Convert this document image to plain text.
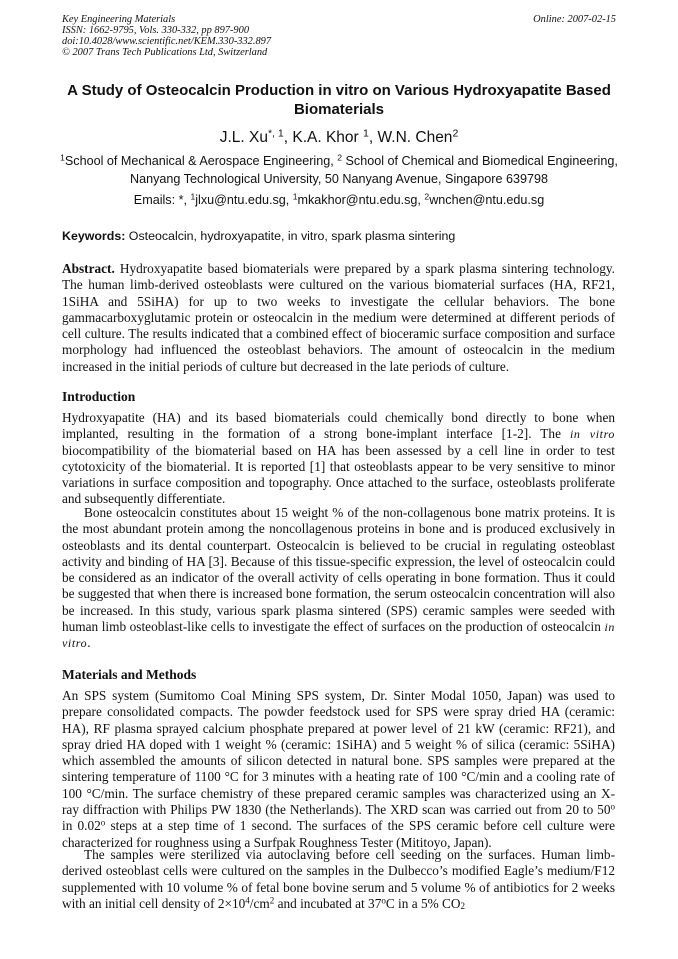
Key Engineering Materials
ISSN: 1662-9795, Vols. 330-332, pp 897-900
doi:10.4028/www.scientific.net/KEM.330-332.897
© 2007 Trans Tech Publications Ltd, Switzerland
Online: 2007-02-15
A Study of Osteocalcin Production in vitro on Various Hydroxyapatite Based Biomaterials
J.L. $Xu^{*, 1}$, K.A. Khor $^1$, W.N. Chen$^2$
$^1$School of Mechanical & Aerospace Engineering, $^2$ School of Chemical and Biomedical Engineering, Nanyang Technological University, 50 Nanyang Avenue, Singapore 639798
Emails: *, $^1$jlxu@ntu.edu.sg, $^1$mkakhor@ntu.edu.sg, $^2$wnchen@ntu.edu.sg
Keywords: Osteocalcin, hydroxyapatite, in vitro, spark plasma sintering
Abstract. Hydroxyapatite based biomaterials were prepared by a spark plasma sintering technology. The human limb-derived osteoblasts were cultured on the various biomaterial surfaces (HA, RF21, 1SiHA and 5SiHA) for up to two weeks to investigate the cellular behaviors. The bone gammacarboxyglutamic protein or osteocalcin in the medium were determined at different periods of cell culture. The results indicated that a combined effect of bioceramic surface composition and surface morphology had influenced the osteoblast behaviors. The amount of osteocalcin in the medium increased in the initial periods of culture but decreased in the late periods of culture.
Introduction
Hydroxyapatite (HA) and its based biomaterials could chemically bond directly to bone when implanted, resulting in the formation of a strong bone-implant interface [1-2]. The in vitro biocompatibility of the biomaterial based on HA has been assessed by a cell line in order to test cytotoxicity of the biomaterial. It is reported [1] that osteoblasts appear to be very sensitive to minor variations in surface composition and topography. Once attached to the surface, osteoblasts proliferate and subsequently differentiate.
Bone osteocalcin constitutes about 15 weight % of the non-collagenous bone matrix proteins. It is the most abundant protein among the noncollagenous proteins in bone and is produced exclusively in osteoblasts and its dental counterpart. Osteocalcin is believed to be crucial in regulating osteoblast activity and binding of HA [3]. Because of this tissue-specific expression, the level of osteocalcin could be considered as an indicator of the overall activity of cells operating in bone formation. Thus it could be suggested that when there is increased bone formation, the serum osteocalcin concentration will also be increased. In this study, various spark plasma sintered (SPS) ceramic samples were seeded with human limb osteoblast-like cells to investigate the effect of surfaces on the production of osteocalcin in vitro.
Materials and Methods
An SPS system (Sumitomo Coal Mining SPS system, Dr. Sinter Modal 1050, Japan) was used to prepare consolidated compacts. The powder feedstock used for SPS were spray dried HA (ceramic: HA), RF plasma sprayed calcium phosphate prepared at power level of 21 kW (ceramic: RF21), and spray dried HA doped with 1 weight % (ceramic: 1SiHA) and 5 weight % of silica (ceramic: 5SiHA) which assembled the amounts of silicon detected in natural bone. SPS samples were prepared at the sintering temperature of 1100 °C for 3 minutes with a heating rate of 100 °C/min and a cooling rate of 100 °C/min. The surface chemistry of these prepared ceramic samples was characterized using an X-ray diffraction with Philips PW 1830 (the Netherlands). The XRD scan was carried out from 20 to 50$^o$ in 0.02$^o$ steps at a step time of 1 second. The surfaces of the SPS ceramic before cell culture were characterized for roughness using a Surfpak Roughness Tester (Mititoyo, Japan).
The samples were sterilized via autoclaving before cell seeding on the surfaces. Human limb-derived osteoblast cells were cultured on the samples in the Dulbecco’s modified Eagle’s medium/F12 supplemented with 10 volume % of fetal bone bovine serum and 5 volume % of antibiotics for 2 weeks with an initial cell density of $2\times 10^4/cm^2$ and incubated at 37$^o$C in a 5% $CO_2$
